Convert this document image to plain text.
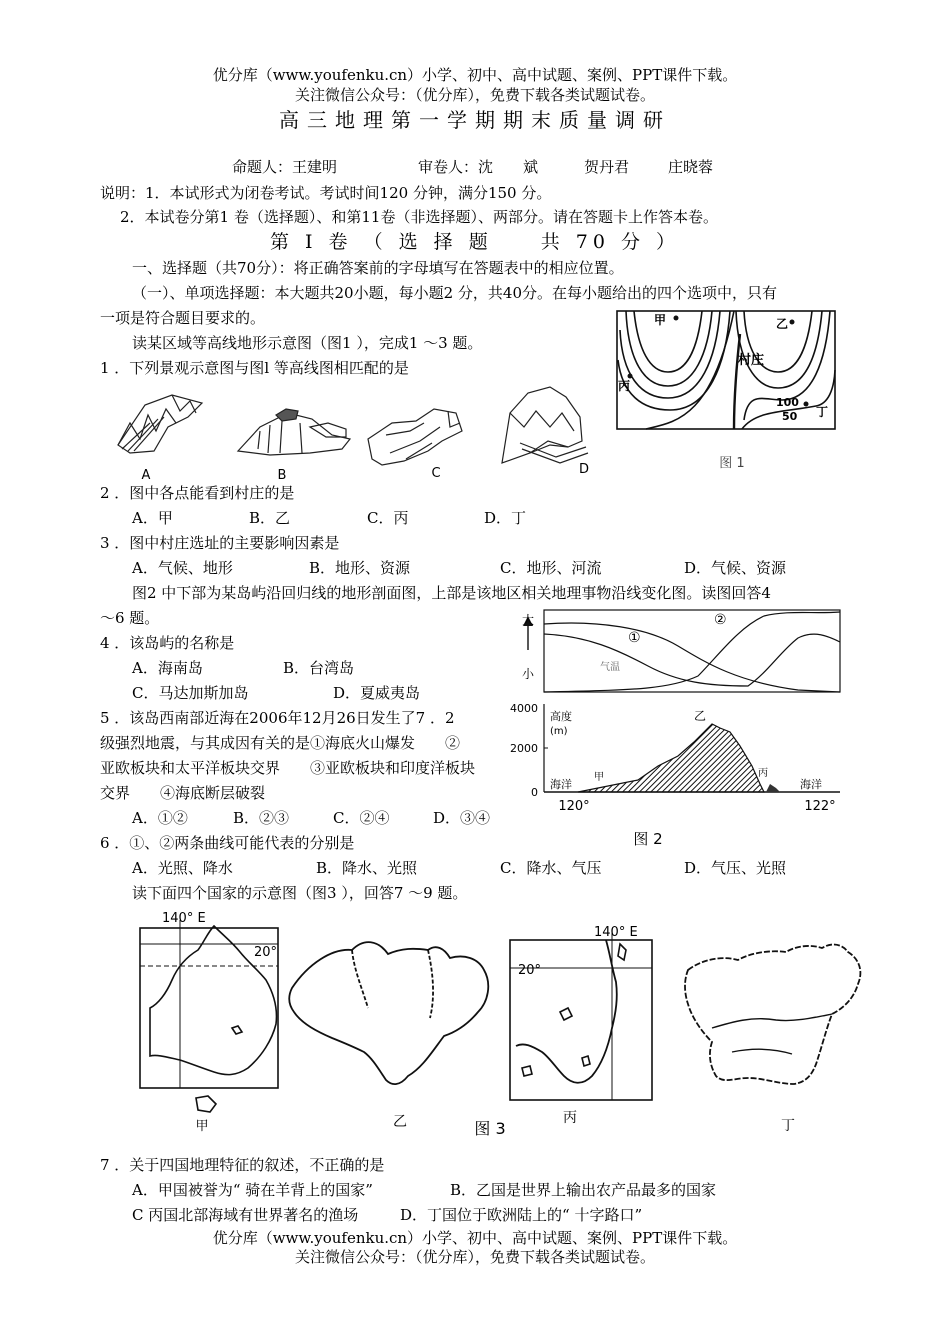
优分库（www.youfenku.cn）小学、初中、高中试题、案例、PPT课件下载。
关注微信公众号：（优分库），免费下载各类试题试卷。
高三地理第一学期期末质量调研
命题人：王建明	审卷人：沈　　斌	贺丹君	庄晓蓉
说明：1．本试形式为闭卷考试。考试时间120 分钟，满分150 分。
2．本试卷分第1 卷（选择题）、和第11卷（非选择题）、两部分。请在答题卡上作答本卷。
第 Ⅰ 卷 （ 选 择 题　　共 70 分 ）
一、选择题（共70分）：将正确答案前的字母填写在答题表中的相应位置。
（一）、单项选择题：本大题共20小题，每小题2 分，共40分。在每小题给出的四个选项中，只有
一项是符合题目要求的。
读某区域等高线地形示意图（图1 ），完成1 ～3 题。
1 ．下列景观示意图与图l 等高线图相匹配的是
A	B	C	D
甲	乙
丙
丁
村庄
100
50
图 1
2 ．图中各点能看到村庄的是
A．甲	B．乙	C．丙	D．丁
3 ．图中村庄选址的主要影响因素是
A．气候、地形	B．地形、资源	C．地形、河流	D．气候、资源
图2 中下部为某岛屿沿回归线的地形剖面图，上部是该地区相关地理事物沿线变化图。读图回答4
～6 题。
4 ．该岛屿的名称是
A．海南岛	B．台湾岛
C．马达加斯加岛	D．夏威夷岛
5 ．该岛西南部近海在2006年12月26日发生了7 ．2
级强烈地震，与其成因有关的是①海底火山爆发　　②
亚欧板块和太平洋板块交界　　③亚欧板块和印度洋板块
交界　　④海底断层破裂
A．①②	B．②③	C．②④	D．③④
大
小
①
②
气温
4000
2000
0
高度
(m)
乙
甲	丙
海洋	海洋
120°	122°
图 2
6 ．①、②两条曲线可能代表的分别是
A．光照、降水	B．降水、光照	C．降水、气压	D．气压、光照
读下面四个国家的示意图（图3 ），回答7 ～9 题。
140° E
20°
甲	乙
140° E
20°
丙	丁
图 3
7 ．关于四国地理特征的叙述，不正确的是
A．甲国被誉为“ 骑在羊背上的国家”	B．乙国是世界上输出农产品最多的国家
C 丙国北部海域有世界著名的渔场	D．丁国位于欧洲陆上的“ 十字路口”
优分库（www.youfenku.cn）小学、初中、高中试题、案例、PPT课件下载。
关注微信公众号：（优分库），免费下载各类试题试卷。
